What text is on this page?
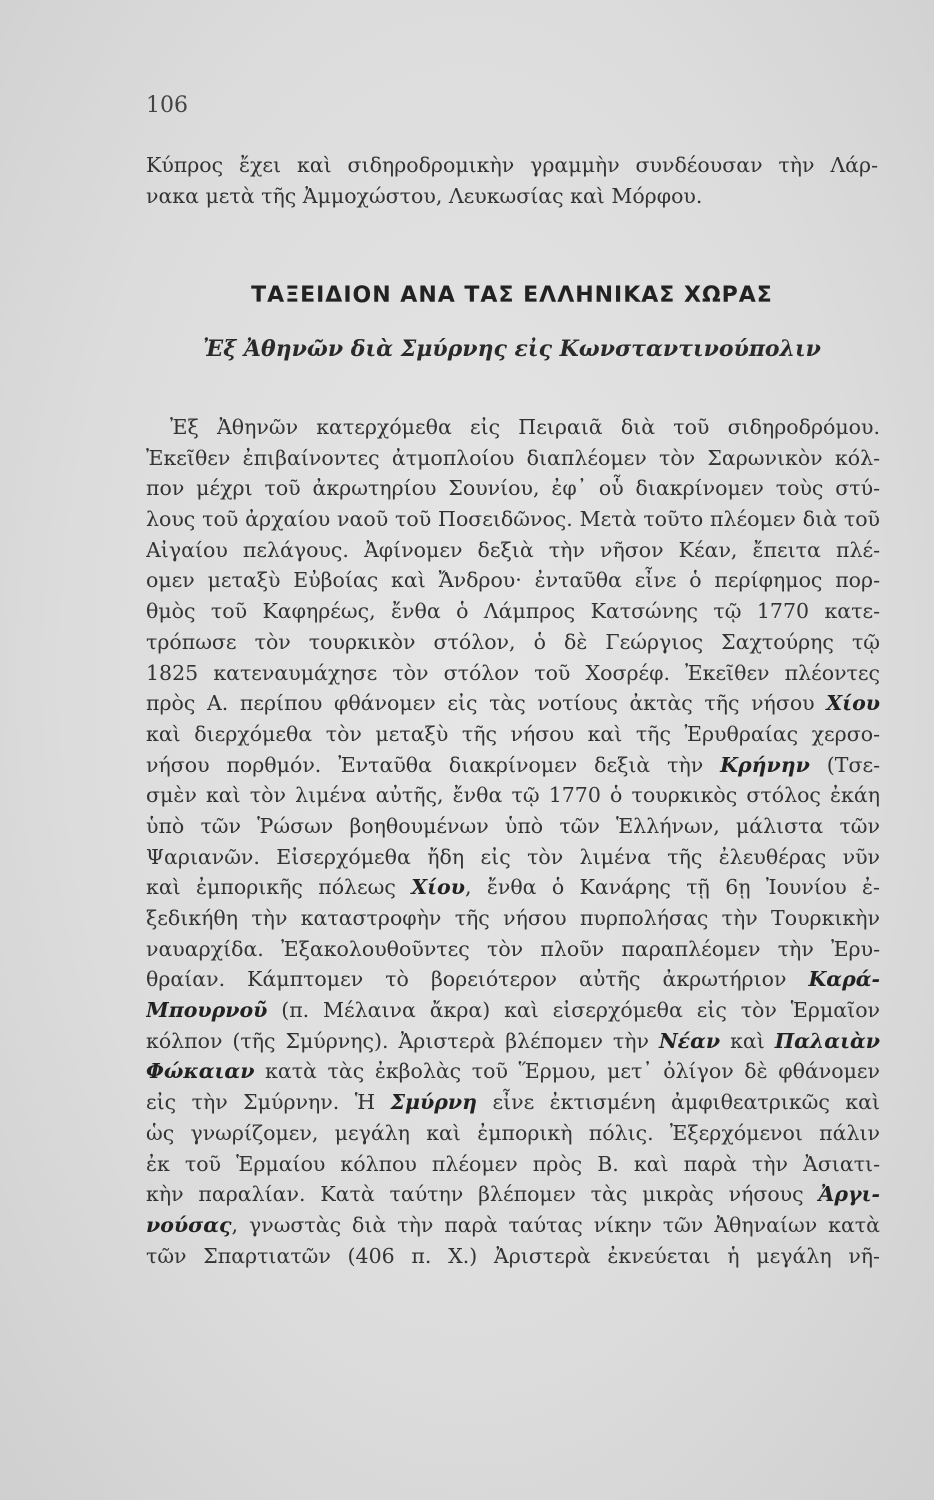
106
Κύπρος ἔχει καὶ σιδηροδρομικὴν γραμμὴν συνδέουσαν τὴν Λάρ-
νακα μετὰ τῆς Ἀμμοχώστου, Λευκωσίας καὶ Μόρφου.
ΤΑΞΕΙΔΙΟΝ ΑΝΑ ΤΑΣ ΕΛΛΗΝΙΚΑΣ ΧΩΡΑΣ
Ἐξ Ἀθηνῶν διὰ Σμύρνης εἰς Κωνσταντινούπολιν
Ἐξ Ἀθηνῶν κατερχόμεθα εἰς Πειραιᾶ διὰ τοῦ σιδηροδρόμου.
Ἐκεῖθεν ἐπιβαίνοντες ἀτμοπλοίου διαπλέομεν τὸν Σαρωνικὸν κόλ-
πον μέχρι τοῦ ἀκρωτηρίου Σουνίου, ἐφ᾽ οὗ διακρίνομεν τοὺς στύ-
λους τοῦ ἀρχαίου ναοῦ τοῦ Ποσειδῶνος. Μετὰ τοῦτο πλέομεν διὰ τοῦ
Αἰγαίου πελάγους. Ἀφίνομεν δεξιὰ τὴν νῆσον Κέαν, ἔπειτα πλέ-
ομεν μεταξὺ Εὐβοίας καὶ Ἄνδρου· ἐνταῦθα εἶνε ὁ περίφημος πορ-
θμὸς τοῦ Καφηρέως, ἔνθα ὁ Λάμπρος Κατσώνης τῷ 1770 κατε-
τρόπωσε τὸν τουρκικὸν στόλον, ὁ δὲ Γεώργιος Σαχτούρης τῷ
1825 κατεναυμάχησε τὸν στόλον τοῦ Χοσρέφ. Ἐκεῖθεν πλέοντες
πρὸς Α. περίπου φθάνομεν εἰς τὰς νοτίους ἀκτὰς τῆς νήσου Χίου
καὶ διερχόμεθα τὸν μεταξὺ τῆς νήσου καὶ τῆς Ἐρυθραίας χερσο-
νήσου πορθμόν. Ἐνταῦθα διακρίνομεν δεξιὰ τὴν Κρήνην (Τσε-
σμὲν καὶ τὸν λιμένα αὐτῆς, ἔνθα τῷ 1770 ὁ τουρκικὸς στόλος ἐκάη
ὑπὸ τῶν Ῥώσων βοηθουμένων ὑπὸ τῶν Ἑλλήνων, μάλιστα τῶν
Ψαριανῶν. Εἰσερχόμεθα ἤδη εἰς τὸν λιμένα τῆς ἐλευθέρας νῦν
καὶ ἐμπορικῆς πόλεως Χίου, ἔνθα ὁ Κανάρης τῇ 6ῃ Ἰουνίου ἐ-
ξεδικήθη τὴν καταστροφὴν τῆς νήσου πυρπολήσας τὴν Τουρκικὴν
ναυαρχίδα. Ἐξακολουθοῦντες τὸν πλοῦν παραπλέομεν τὴν Ἐρυ-
θραίαν. Κάμπτομεν τὸ βορειότερον αὐτῆς ἀκρωτήριον Καρά-
Μπουρνοῦ (π. Μέλαινα ἄκρα) καὶ εἰσερχόμεθα εἰς τὸν Ἑρμαῖον
κόλπον (τῆς Σμύρνης). Ἀριστερὰ βλέπομεν τὴν Νέαν καὶ Παλαιὰν
Φώκαιαν κατὰ τὰς ἐκβολὰς τοῦ Ἕρμου, μετ᾽ ὀλίγον δὲ φθάνομεν
εἰς τὴν Σμύρνην. Ἡ Σμύρνη εἶνε ἐκτισμένη ἀμφιθεατρικῶς καὶ
ὡς γνωρίζομεν, μεγάλη καὶ ἐμπορικὴ πόλις. Ἐξερχόμενοι πάλιν
ἐκ τοῦ Ἑρμαίου κόλπου πλέομεν πρὸς Β. καὶ παρὰ τὴν Ἀσιατι-
κὴν παραλίαν. Κατὰ ταύτην βλέπομεν τὰς μικρὰς νήσους Ἀργι-
νούσας, γνωστὰς διὰ τὴν παρὰ ταύτας νίκην τῶν Ἀθηναίων κατὰ
τῶν Σπαρτιατῶν (406 π. Χ.) Ἀριστερὰ ἐκνεύεται ἡ μεγάλη νῆ-
